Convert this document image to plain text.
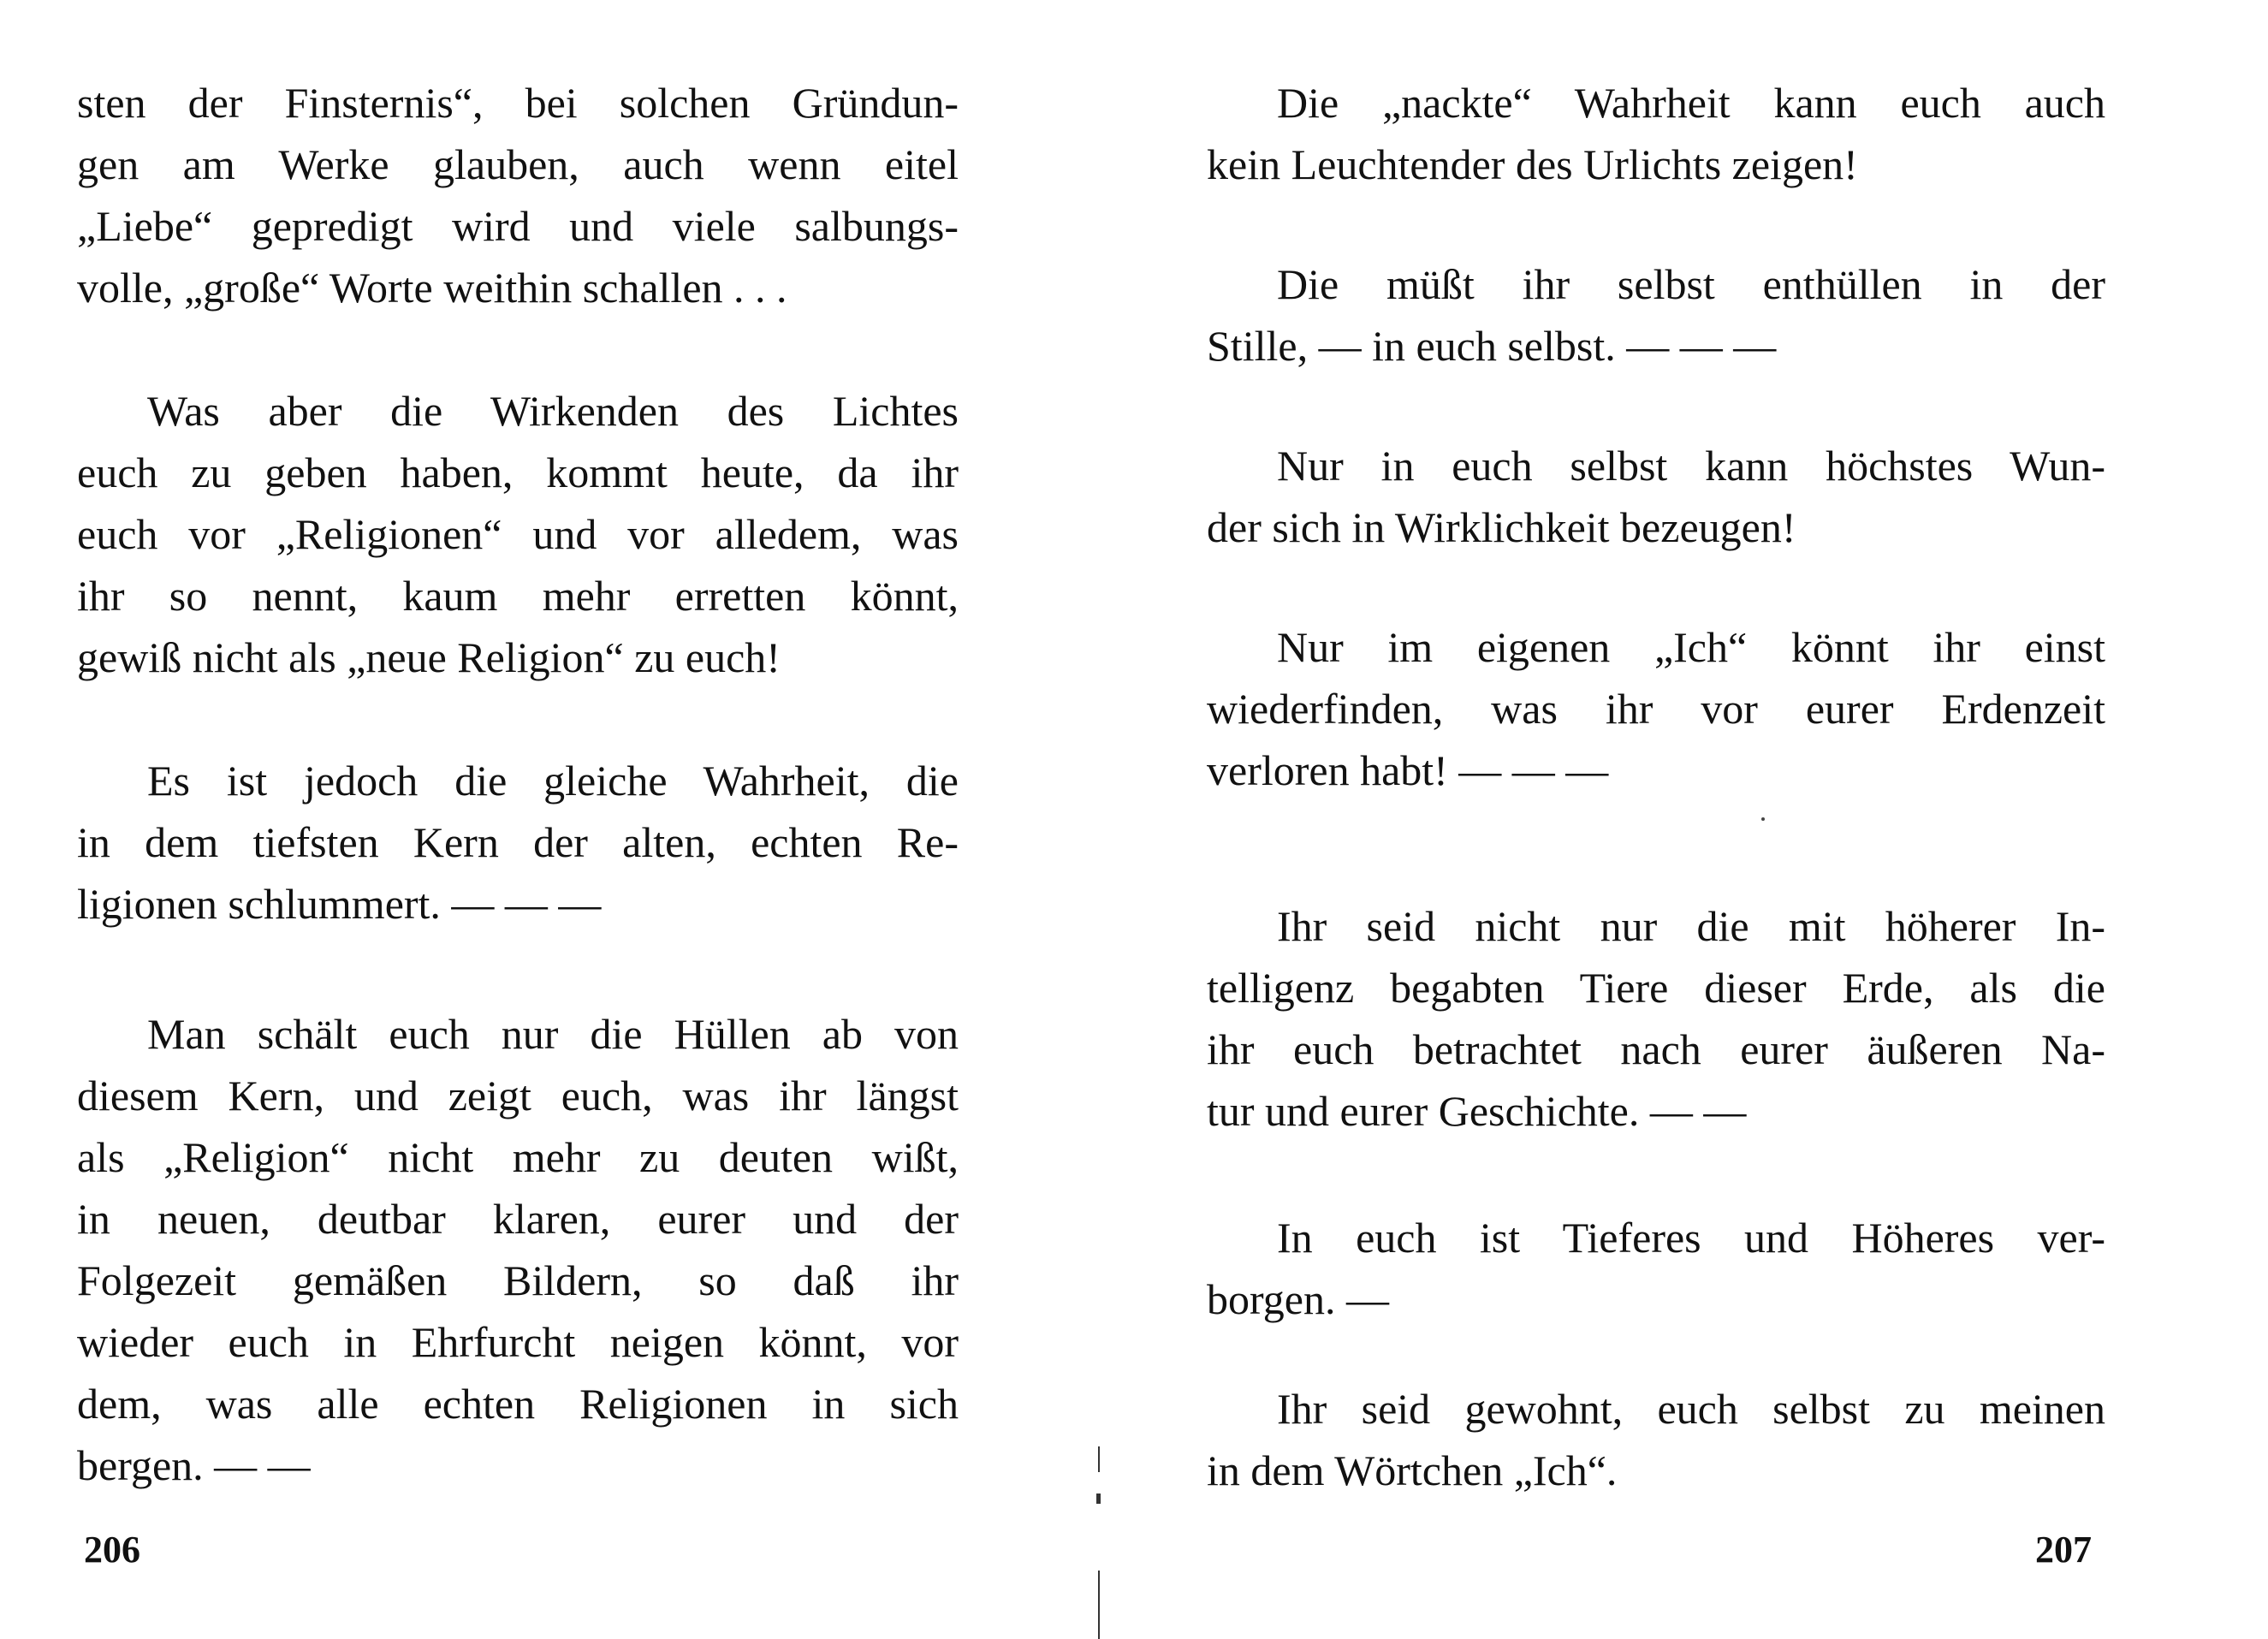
sten der Finsternis“, bei solchen Gründun-
gen am Werke glauben, auch wenn eitel
„Liebe“ gepredigt wird und viele salbungs-
volle, „große“ Worte weithin schallen . . .
Was aber die Wirkenden des Lichtes
euch zu geben haben, kommt heute, da ihr
euch vor „Religionen“ und vor alledem, was
ihr so nennt, kaum mehr erretten könnt,
gewiß nicht als „neue Religion“ zu euch!
Es ist jedoch die gleiche Wahrheit, die
in dem tiefsten Kern der alten, echten Re-
ligionen schlummert. — — —
Man schält euch nur die Hüllen ab von
diesem Kern, und zeigt euch, was ihr längst
als „Religion“ nicht mehr zu deuten wißt,
in neuen, deutbar klaren, eurer und der
Folgezeit gemäßen Bildern, so daß ihr
wieder euch in Ehrfurcht neigen könnt, vor
dem, was alle echten Religionen in sich
bergen. — —
206
Die „nackte“ Wahrheit kann euch auch
kein Leuchtender des Urlichts zeigen!
Die müßt ihr selbst enthüllen in der
Stille, — in euch selbst. — — —
Nur in euch selbst kann höchstes Wun-
der sich in Wirklichkeit bezeugen!
Nur im eigenen „Ich“ könnt ihr einst
wiederfinden, was ihr vor eurer Erdenzeit
verloren habt! — — —
Ihr seid nicht nur die mit höherer In-
telligenz begabten Tiere dieser Erde, als die
ihr euch betrachtet nach eurer äußeren Na-
tur und eurer Geschichte. — —
In euch ist Tieferes und Höheres ver-
borgen. —
Ihr seid gewohnt, euch selbst zu meinen
in dem Wörtchen „Ich“.
207
